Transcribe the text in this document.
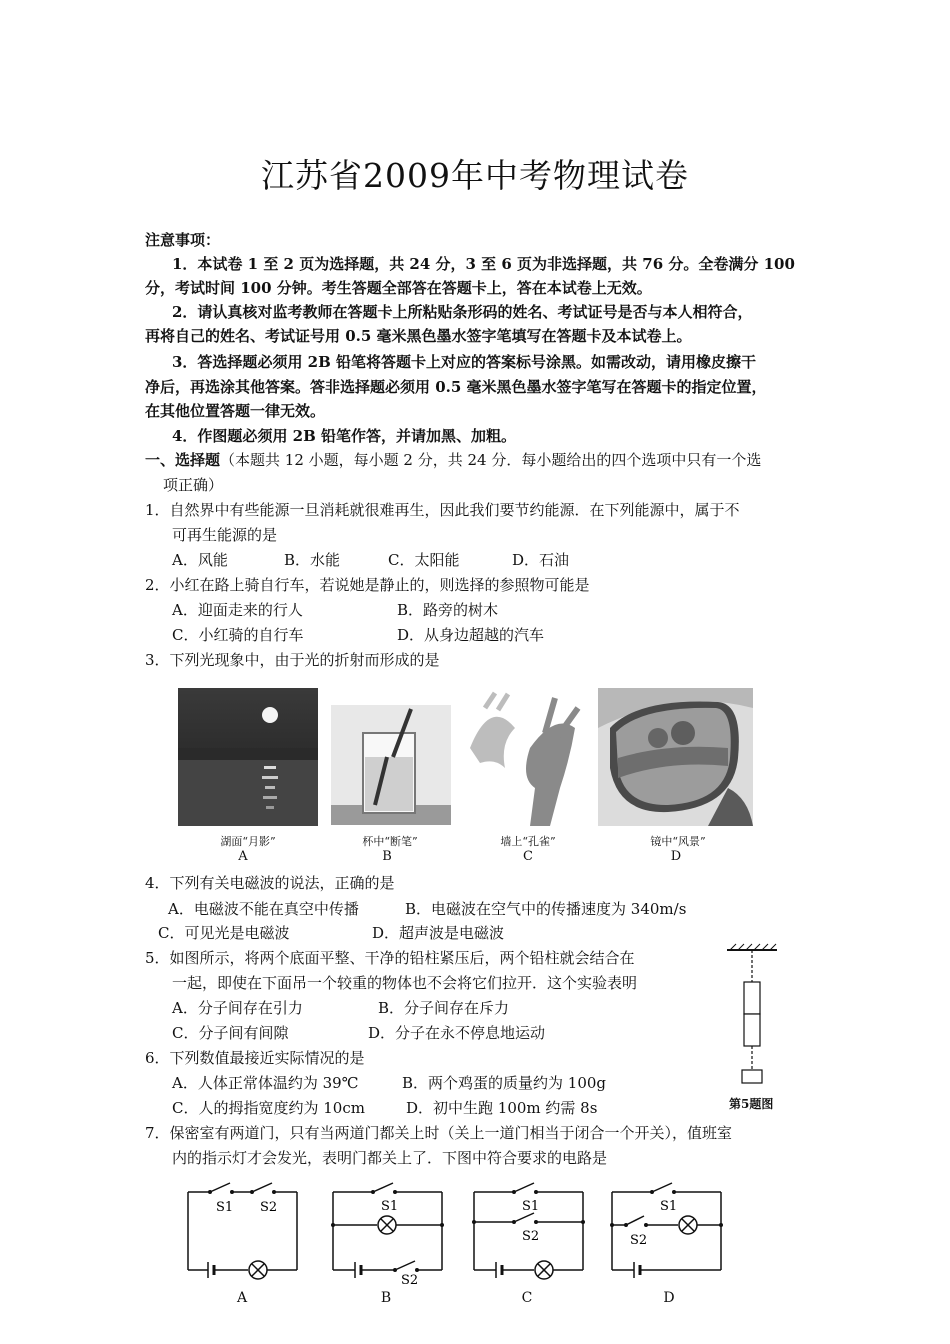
江苏省2009年中考物理试卷
注意事项：
1．本试卷 1 至 2 页为选择题，共 24 分，3 至 6 页为非选择题，共 76 分。全卷满分 100
分，考试时间 100 分钟。考生答题全部答在答题卡上，答在本试卷上无效。
2．请认真核对监考教师在答题卡上所粘贴条形码的姓名、考试证号是否与本人相符合，
再将自己的姓名、考试证号用 0.5 毫米黑色墨水签字笔填写在答题卡及本试卷上。
3．答选择题必须用 2B 铅笔将答题卡上对应的答案标号涂黑。如需改动，请用橡皮擦干
净后，再选涂其他答案。答非选择题必须用 0.5 毫米黑色墨水签字笔写在答题卡的指定位置，
在其他位置答题一律无效。
4．作图题必须用 2B 铅笔作答，并请加黑、加粗。
一、选择题（本题共 12 小题，每小题 2 分，共 24 分．每小题给出的四个选项中只有一个选
项正确）
1．自然界中有些能源一旦消耗就很难再生，因此我们要节约能源．在下列能源中，属于不
可再生能源的是
A．风能	B．水能	C．太阳能	D．石油
2．小红在路上骑自行车，若说她是静止的，则选择的参照物可能是
A．迎面走来的行人	B．路旁的树木
C．小红骑的自行车	D．从身边超越的汽车
3．下列光现象中，由于光的折射而形成的是
湖面“月影”	杯中“断笔”	墙上“孔雀”	镜中“风景”
A	B	C	D
4．下列有关电磁波的说法，正确的是
A．电磁波不能在真空中传播	B．电磁波在空气中的传播速度为 340m/s
C．可见光是电磁波	D．超声波是电磁波
5．如图所示，将两个底面平整、干净的铅柱紧压后，两个铅柱就会结合在
一起，即使在下面吊一个较重的物体也不会将它们拉开．这个实验表明
A．分子间存在引力	B．分子间存在斥力
C．分子间有间隙	D．分子在永不停息地运动
第5题图
6．下列数值最接近实际情况的是
A．人体正常体温约为 39℃	B．两个鸡蛋的质量约为 100g
C．人的拇指宽度约为 10cm	D．初中生跑 100m 约需 8s
7．保密室有两道门，只有当两道门都关上时（关上一道门相当于闭合一个开关），值班室
内的指示灯才会发光，表明门都关上了．下图中符合要求的电路是
S1 S2	S1
S2
S1
S2
S1
S2
A	B	C	D
